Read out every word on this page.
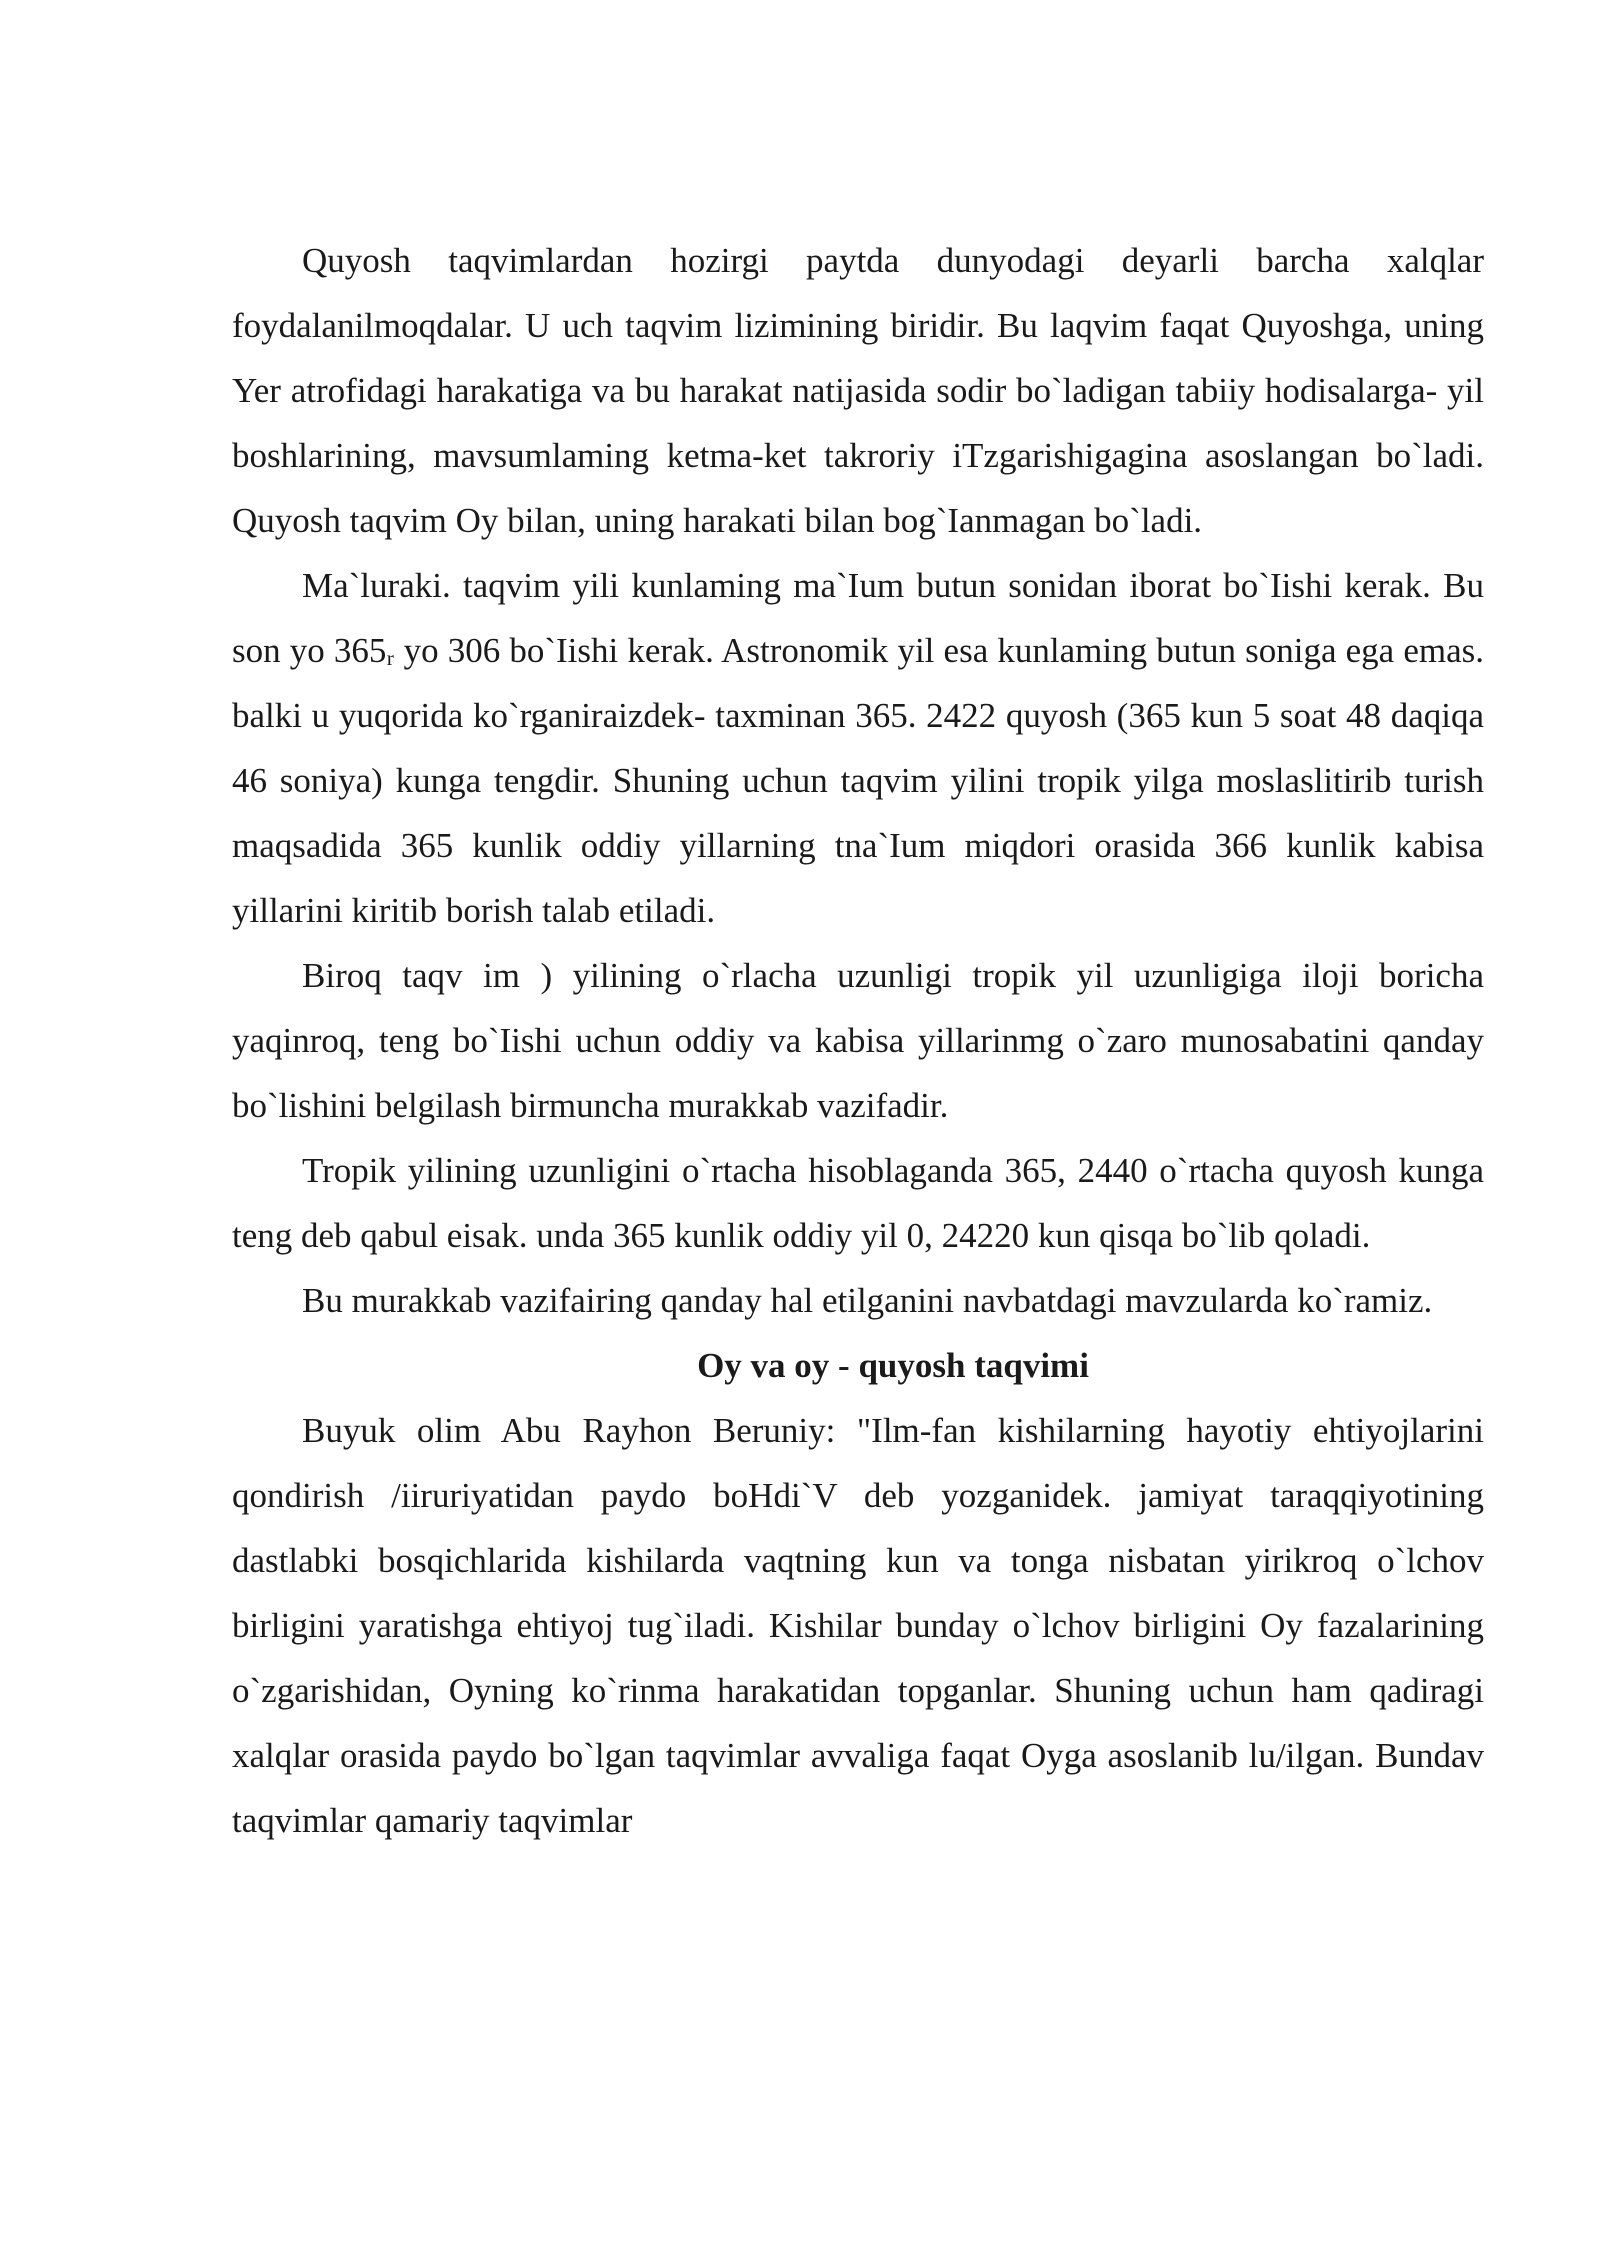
Quyosh taqvimlardan hozirgi paytda dunyodagi deyarli barcha xalqlar foydalanilmoqdalar. U uch taqvim lizimining biridir. Bu laqvim faqat Quyoshga, uning Yer atrofidagi harakatiga va bu harakat natijasida sodir bo`ladigan tabiiy hodisalarga- yil boshlarining, mavsumlaming ketma-ket takroriy iTzgarishigagina asoslangan bo`ladi. Quyosh taqvim Oy bilan, uning harakati bilan bog`Ianmagan bo`ladi.

Ma`luraki. taqvim yili kunlaming ma`Ium butun sonidan iborat bo`Iishi kerak. Bu son yo 365ᵣ yo 306 bo`Iishi kerak. Astronomik yil esa kunlaming butun soniga ega emas. balki u yuqorida ko`rganiraizdek- taxminan 365. 2422 quyosh (365 kun 5 soat 48 daqiqa 46 soniya) kunga tengdir. Shuning uchun taqvim yilini tropik yilga moslaslitirib turish maqsadida 365 kunlik oddiy yillarning tna`Ium miqdori orasida 366 kunlik kabisa yillarini kiritib borish talab etiladi.

Biroq taqv im ) yilining o`rlacha uzunligi tropik yil uzunligiga iloji boricha yaqinroq, teng bo`Iishi uchun oddiy va kabisa yillarinmg o`zaro munosabatini qanday bo`lishini belgilash birmuncha murakkab vazifadir.

Tropik yilining uzunligini o`rtacha hisoblaganda 365, 2440 o`rtacha quyosh kunga teng deb qabul eisak. unda 365 kunlik oddiy yil 0, 24220 kun qisqa bo`lib qoladi.

Bu murakkab vazifairing qanday hal etilganini navbatdagi mavzularda ko`ramiz.

Oy va oy - quyosh taqvimi

Buyuk olim Abu Rayhon Beruniy: "Ilm-fan kishilarning hayotiy ehtiyojlarini qondirish /iiruriyatidan paydo boHdi`V deb yozganidek. jamiyat taraqqiyotining dastlabki bosqichlarida kishilarda vaqtning kun va tonga nisbatan yirikroq o`lchov birligini yaratishga ehtiyoj tug`iladi. Kishilar bunday o`lchov birligini Oy fazalarining o`zgarishidan, Oyning ko`rinma harakatidan topganlar. Shuning uchun ham qadiragi xalqlar orasida paydo bo`lgan taqvimlar avvaliga faqat Oyga asoslanib lu/ilgan. Bundav taqvimlar qamariy taqvimlar
